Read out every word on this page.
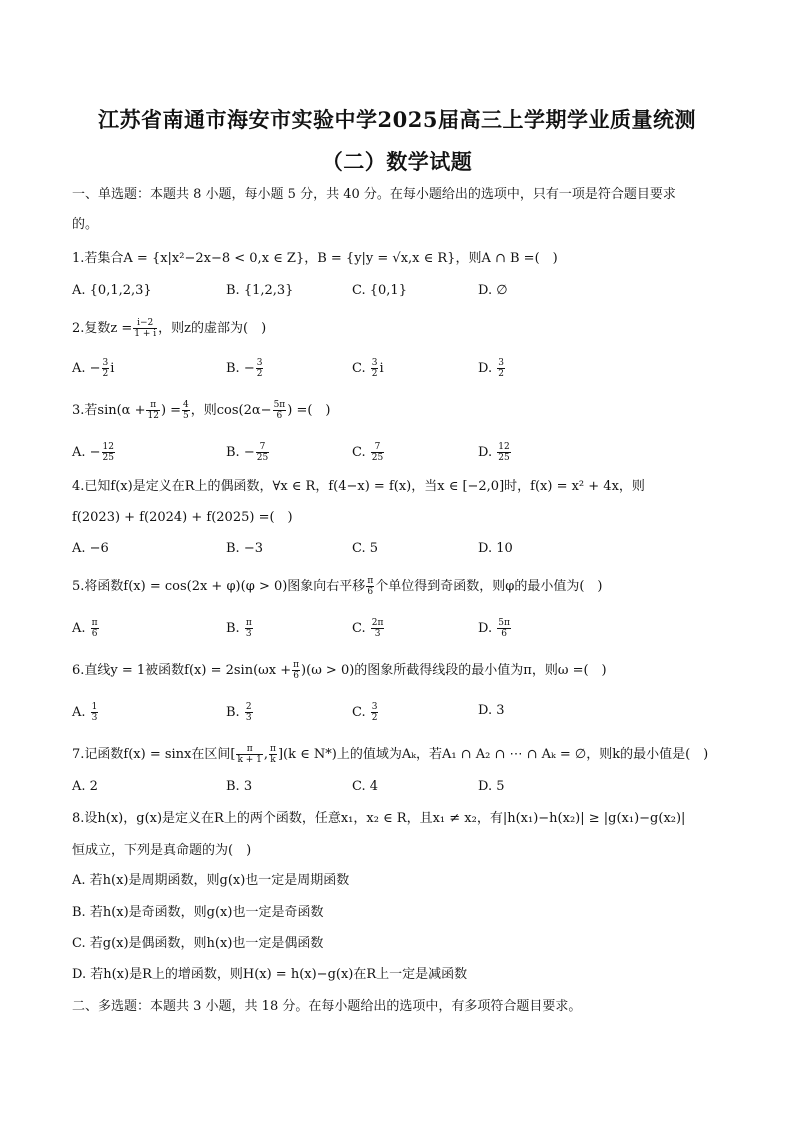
江苏省南通市海安市实验中学2025届高三上学期学业质量统测
（二）数学试题
一、单选题：本题共 8 小题，每小题 5 分，共 40 分。在每小题给出的选项中，只有一项是符合题目要求
的。
1.若集合A = {x|x²−2x−8 < 0,x ∈ Z}，B = {y|y = √x,x ∈ R}，则A ∩ B =(　)
A. {0,1,2,3}	B. {1,2,3}	C. {0,1}	D. ∅
2.复数$z = \frac{i-2}{1 + i}$ ，则z的虚部为(　)
A. − $\frac{3}{2}$ i	B. − $\frac{3}{2}$	C. $\frac{3}{2}$ i	D. $\frac{3}{2}$
3.若$\sin(\alpha + \frac{\pi}{12}$ ) = $\frac{4}{5}$ ，则$\cos(2\alpha- \frac{5\pi}{6}$ ) =(　)
A. − $\frac{12}{25}$	B. − $\frac{7}{25}$	C. $\frac{7}{25}$	D. $\frac{12}{25}$
4.已知f(x)是定义在R上的偶函数，∀x ∈ R，f(4−x) = f(x)，当x ∈ [−2,0]时，f(x) = x² + 4x，则
f(2023) + f(2024) + f(2025) =(　)
A. −6	B. −3	C. 5	D. 10
5.将函数f(x) = cos(2x + φ)(φ > 0)图象向右平移 $\frac{\pi}{6}$ 个单位得到奇函数，则φ的最小值为(　)
A. $\frac{\pi}{6}$	B. $\frac{\pi}{3}$	C. $\frac{2\pi}{3}$	D. $\frac{5\pi}{6}$
6.直线y = 1被函数$f(x) = 2\sin(\omega x + \frac{\pi}{6} )(\omega > 0)$的图象所截得线段的最小值为π，则ω =(　)
A. $\frac{1}{3}$	B. $\frac{2}{3}$	C. $\frac{3}{2}$	D. 3
7.记函数f(x) = sinx在区间[ $\frac{\pi}{k + 1}$ , $\frac{\pi}{k} ](k$ ∈ N*)上的值域为Aₖ，若A₁ ∩ A₂ ∩ ⋯ ∩ Aₖ = ∅，则k的最小值是(　)
A. 2	B. 3	C. 4	D. 5
8.设h(x)，g(x)是定义在R上的两个函数，任意x₁，x₂ ∈ R，且x₁ ≠ x₂，有|h(x₁)−h(x₂)| ≥ |g(x₁)−g(x₂)|
恒成立，下列是真命题的为(　)
A. 若h(x)是周期函数，则g(x)也一定是周期函数
B. 若h(x)是奇函数，则g(x)也一定是奇函数
C. 若g(x)是偶函数，则h(x)也一定是偶函数
D. 若h(x)是R上的增函数，则H(x) = h(x)−g(x)在R上一定是减函数
二、多选题：本题共 3 小题，共 18 分。在每小题给出的选项中，有多项符合题目要求。
